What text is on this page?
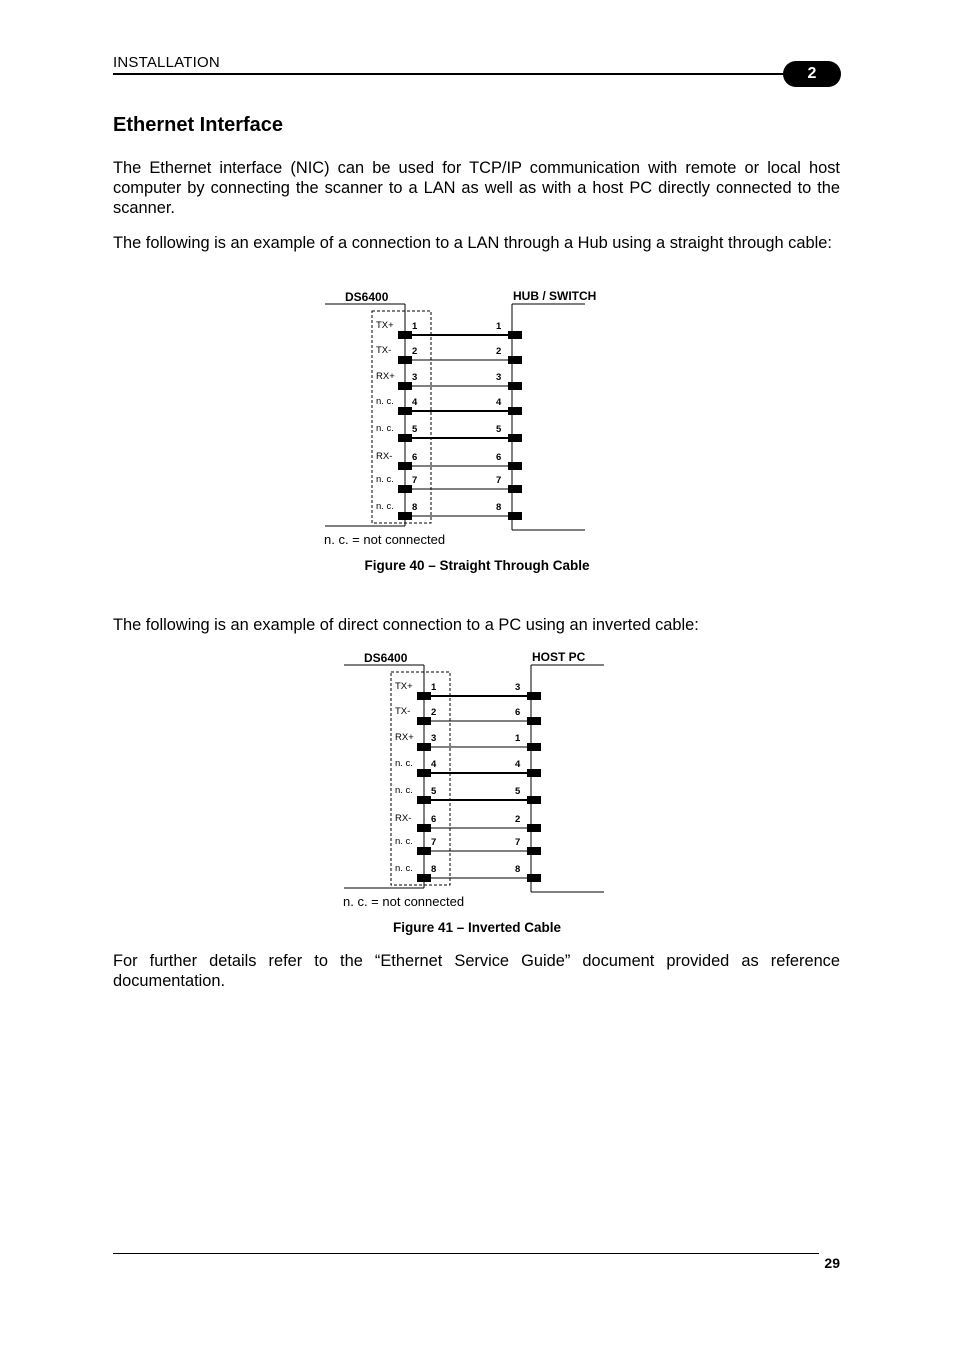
INSTALLATION
2
Ethernet Interface
The Ethernet interface (NIC) can be used for TCP/IP communication with remote or local host computer by connecting the scanner to a LAN as well as with a host PC directly connected to the scanner.
The following is an example of a connection to a LAN through a Hub using a straight through cable:
DS6400	HUB / SWITCH
TX+ 1	1
TX- 2	2
RX+ 3	3
n. c. 4	4
n. c. 5	5
RX- 6	6
n. c. 7	7
n. c. 8	8
n. c. = not connected
Figure 40 – Straight Through Cable
The following is an example of direct connection to a PC using an inverted cable:
DS6400	HOST PC
TX+ 1	3
TX- 2	6
RX+ 3	1
n. c. 4	4
n. c. 5	5
RX- 6	2
n. c. 7	7
n. c. 8	8
n. c. = not connected
Figure 41 – Inverted Cable
For further details refer to the “Ethernet Service Guide” document provided as reference documentation.
29
